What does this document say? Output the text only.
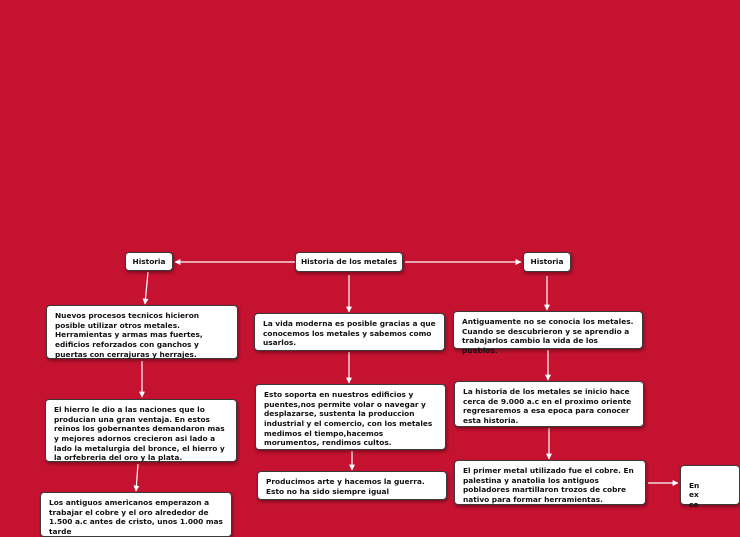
Historia de los metales
Historia
Nuevos procesos tecnicos hicieron posible utilizar otros metales. Herramientas y armas mas fuertes, edificios reforzados con ganchos y puertas con cerrajuras y herrajes.
El hierro le dio a las naciones que lo producian una gran ventaja. En estos reinos los gobernantes demandaron mas y mejores adornos crecieron asi lado a lado la metalurgia del bronce, el hierro y la orfebreria del oro y la plata.
Los antiguos americanos emperazon a trabajar el cobre y el oro alrededor de 1.500 a.c antes de cristo, unos 1.000 mas tarde
La vida moderna es posible gracias a que conocemos los metales y sabemos como usarlos.
Esto soporta en nuestros edificios y puentes,nos permite volar o navegar y desplazarse, sustenta la produccion industrial y el comercio, con los metales medimos el tiempo,hacemos morumentos, rendimos cultos.
Producimos arte y hacemos la guerra. Esto no ha sido siempre igual
Historia
Antiguamente no se conocia los metales. Cuando se descubrieron y se aprendio a trabajarlos cambio la vida de los pueblos.
La historia de los metales se inicio hace cerca de 9.000 a.c en el proximo oriente regresaremos a esa epoca para conocer esta historia.
El primer metal utilizado fue el cobre. En palestina y anatolia los antiguos pobladores martillaron trozos de cobre nativo para formar herramientas.

En
ex
co
